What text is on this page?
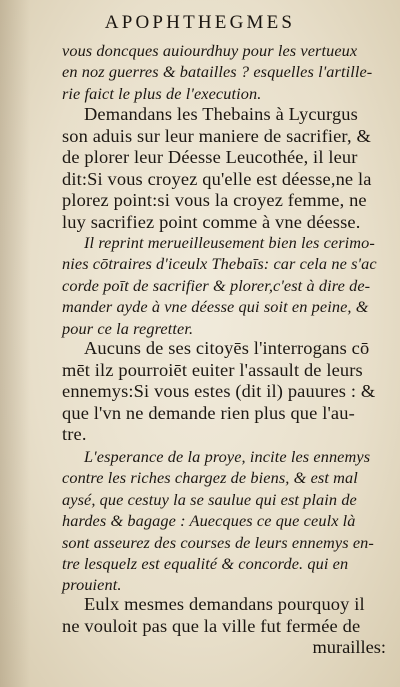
APOPHTHEGMES
vous doncques auiourdhuy pour les vertueux
en noz guerres & batailles ? esquelles l'artille-
rie faict le plus de l'execution.
Demandans les Thebains à Lycurgus
son aduis sur leur maniere de sacrifier, &
de plorer leur Déesse Leucothée, il leur
dit:Si vous croyez qu'elle est déesse,ne la
plorez point:si vous la croyez femme, ne
luy sacrifiez point comme à vne déesse.
Il reprint merueilleusement bien les cerimo-
nies cōtraires d'iceulx Thebaīs: car cela ne s'ac
corde poīt de sacrifier & plorer,c'est à dire de-
mander ayde à vne déesse qui soit en peine, &
pour ce la regretter.
Aucuns de ses citoyēs l'interrogans cō
mēt ilz pourroiēt euiter l'assault de leurs
ennemys:Si vous estes (dit il) pauures : &
que l'vn ne demande rien plus que l'au-
tre.
L'esperance de la proye, incite les ennemys
contre les riches chargez de biens, & est mal
aysé, que cestuy la se saulue qui est plain de
hardes & bagage : Auecques ce que ceulx là
sont asseurez des courses de leurs ennemys en-
tre lesquelz est equalité & concorde. qui en
prouient.
Eulx mesmes demandans pourquoy il
ne vouloit pas que la ville fut fermée de
murailles:
